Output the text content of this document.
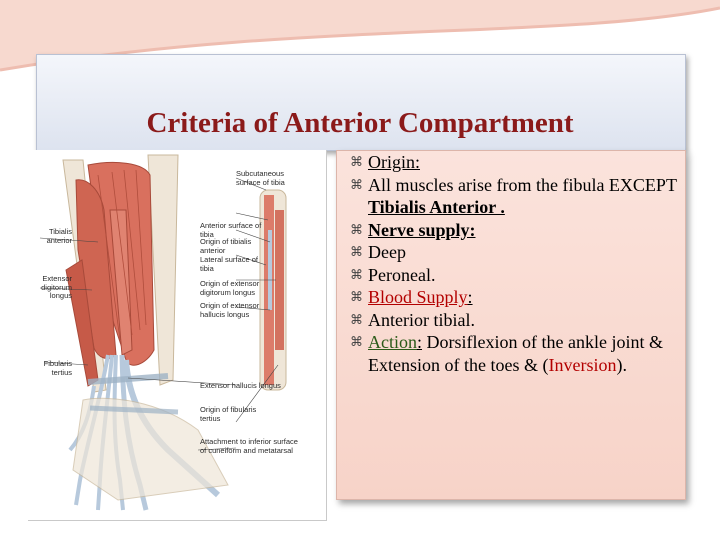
Criteria of Anterior Compartment
Subcutaneous surface of tibia
Tibialis anterior
Anterior surface of tibia
Origin of tibialis anterior
Lateral surface of tibia
Extensor digitorum longus
Origin of extensor digitorum longus
Origin of extensor hallucis longus
Fibularis tertius
Extensor hallucis longus
Origin of fibularis tertius
Attachment to inferior surface of cuneiform and metatarsal
⌘ Origin:
⌘ All muscles arise from the fibula EXCEPT Tibialis Anterior .
⌘ Nerve supply:
⌘ Deep
⌘ Peroneal.
⌘ Blood Supply:
⌘ Anterior tibial.
⌘ Action: Dorsiflexion of the ankle joint & Extension of the toes & (Inversion).
